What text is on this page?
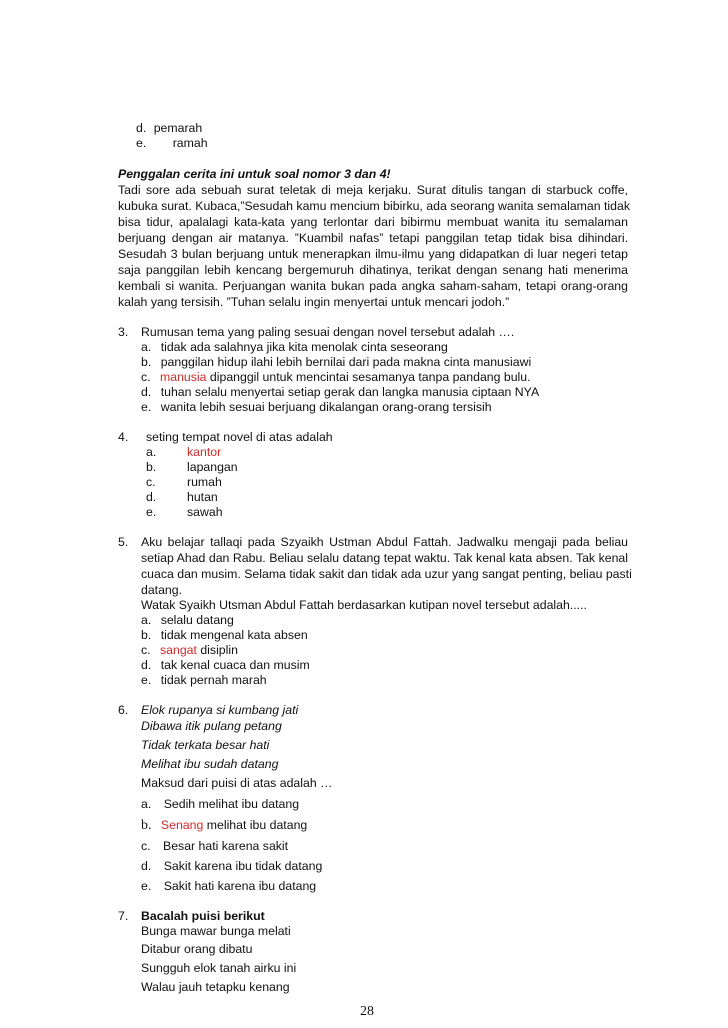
d. pemarah
e. ramah
Penggalan cerita ini untuk soal nomor 3 dan 4!
Tadi sore ada sebuah surat teletak di meja kerjaku. Surat ditulis tangan di starbuck coffe,
kubuka surat. Kubaca,”Sesudah kamu mencium bibirku, ada seorang wanita semalaman tidak
bisa tidur, apalalagi kata-kata yang terlontar dari bibirmu membuat wanita itu semalaman
berjuang dengan air matanya. ”Kuambil nafas” tetapi panggilan tetap tidak bisa dihindari.
Sesudah 3 bulan berjuang untuk menerapkan ilmu-ilmu yang didapatkan di luar negeri tetap
saja panggilan lebih kencang bergemuruh dihatinya, terikat dengan senang hati menerima
kembali si wanita. Perjuangan wanita bukan pada angka saham-saham, tetapi orang-orang
kalah yang tersisih. ”Tuhan selalu ingin menyertai untuk mencari jodoh.”
3. Rumusan tema yang paling sesuai dengan novel tersebut adalah ….
a. tidak ada salahnya jika kita menolak cinta seseorang
b. panggilan hidup ilahi lebih bernilai dari pada makna cinta manusiawi
c. manusia dipanggil untuk mencintai sesamanya tanpa pandang bulu.
d. tuhan selalu menyertai setiap gerak dan langka manusia ciptaan NYA
e. wanita lebih sesuai berjuang dikalangan orang-orang tersisih
4. seting tempat novel di atas adalah
a. kantor
b. lapangan
c.	rumah
d. hutan
e. sawah
5. Aku belajar tallaqi pada Szyaikh Ustman Abdul Fattah. Jadwalku mengaji pada beliau
setiap Ahad dan Rabu. Beliau selalu datang tepat waktu. Tak kenal kata absen. Tak kenal
cuaca dan musim. Selama tidak sakit dan tidak ada uzur yang sangat penting, beliau pasti
datang.
Watak Syaikh Utsman Abdul Fattah berdasarkan kutipan novel tersebut adalah.....
a. selalu datang
b. tidak mengenal kata absen
c. sangat disiplin
d. tak kenal cuaca dan musim
e. tidak pernah marah
6. Elok rupanya si kumbang jati
Dibawa itik pulang petang
Tidak terkata besar hati
Melihat ibu sudah datang
Maksud dari puisi di atas adalah …
a. Sedih melihat ibu datang
b. Senang melihat ibu datang
c. Besar hati karena sakit
d. Sakit karena ibu tidak datang
e. Sakit hati karena ibu datang
7. Bacalah puisi berikut
Bunga mawar bunga melati
Ditabur orang dibatu
Sungguh elok tanah airku ini
Walau jauh tetapku kenang
28
